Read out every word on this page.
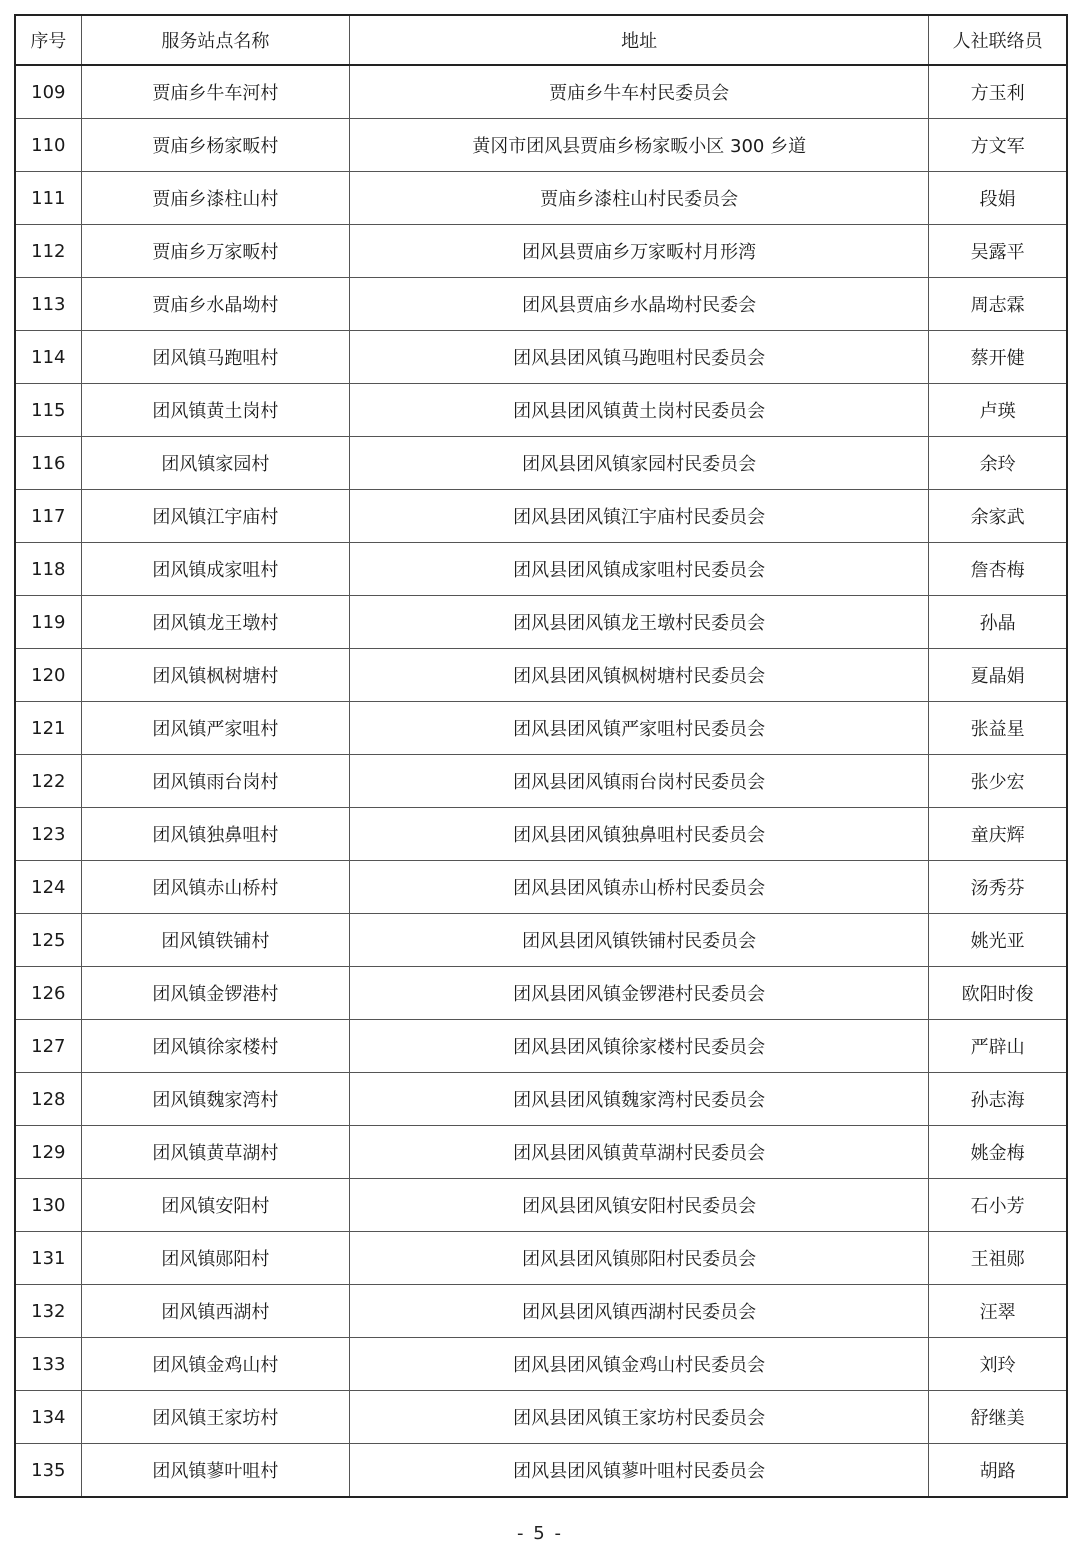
序号	服务站点名称	地址	人社联络员
109	贾庙乡牛车河村	贾庙乡牛车村民委员会	方玉利
110	贾庙乡杨家畈村	黄冈市团风县贾庙乡杨家畈小区 300 乡道	方文军
111	贾庙乡漆柱山村	贾庙乡漆柱山村民委员会	段娟
112	贾庙乡万家畈村	团风县贾庙乡万家畈村月形湾	吴露平
113	贾庙乡水晶坳村	团风县贾庙乡水晶坳村民委会	周志霖
114	团风镇马跑咀村	团风县团风镇马跑咀村民委员会	蔡开健
115	团风镇黄土岗村	团风县团风镇黄土岗村民委员会	卢瑛
116	团风镇家园村	团风县团风镇家园村民委员会	余玲
117	团风镇江宇庙村	团风县团风镇江宇庙村民委员会	余家武
118	团风镇成家咀村	团风县团风镇成家咀村民委员会	詹杏梅
119	团风镇龙王墩村	团风县团风镇龙王墩村民委员会	孙晶
120	团风镇枫树塘村	团风县团风镇枫树塘村民委员会	夏晶娟
121	团风镇严家咀村	团风县团风镇严家咀村民委员会	张益星
122	团风镇雨台岗村	团风县团风镇雨台岗村民委员会	张少宏
123	团风镇独鼻咀村	团风县团风镇独鼻咀村民委员会	童庆辉
124	团风镇赤山桥村	团风县团风镇赤山桥村民委员会	汤秀芬
125	团风镇铁铺村	团风县团风镇铁铺村民委员会	姚光亚
126	团风镇金锣港村	团风县团风镇金锣港村民委员会	欧阳时俊
127	团风镇徐家楼村	团风县团风镇徐家楼村民委员会	严辟山
128	团风镇魏家湾村	团风县团风镇魏家湾村民委员会	孙志海
129	团风镇黄草湖村	团风县团风镇黄草湖村民委员会	姚金梅
130	团风镇安阳村	团风县团风镇安阳村民委员会	石小芳
131	团风镇郧阳村	团风县团风镇郧阳村民委员会	王祖郧
132	团风镇西湖村	团风县团风镇西湖村民委员会	汪翠
133	团风镇金鸡山村	团风县团风镇金鸡山村民委员会	刘玲
134	团风镇王家坊村	团风县团风镇王家坊村民委员会	舒继美
135	团风镇蓼叶咀村	团风县团风镇蓼叶咀村民委员会	胡路
- 5 -
